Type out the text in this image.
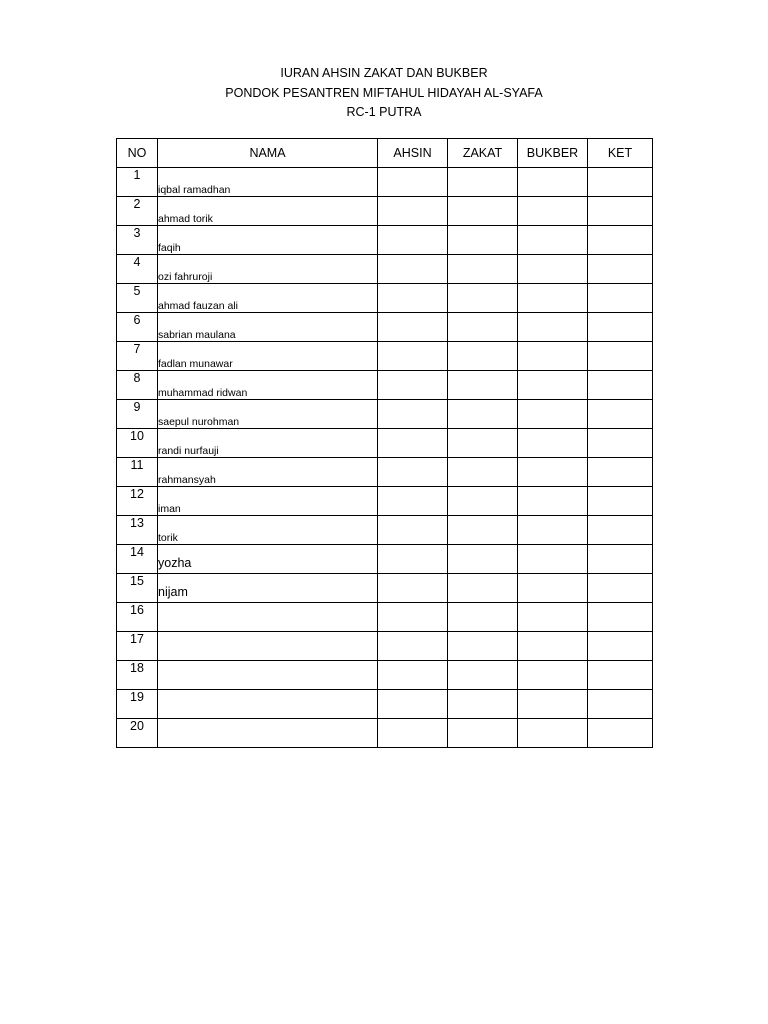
IURAN AHSIN ZAKAT DAN BUKBER
PONDOK PESANTREN MIFTAHUL HIDAYAH AL-SYAFA
RC-1 PUTRA
NO	NAMA	AHSIN	ZAKAT	BUKBER	KET
1	iqbal ramadhan				
2	ahmad torik				
3	faqih				
4	ozi fahruroji				
5	ahmad fauzan ali				
6	sabrian maulana				
7	fadlan munawar				
8	muhammad ridwan				
9	saepul nurohman				
10	randi nurfauji				
11	rahmansyah				
12	iman				
13	torik				
14	yozha				
15	nijam				
16					
17					
18					
19					
20					
